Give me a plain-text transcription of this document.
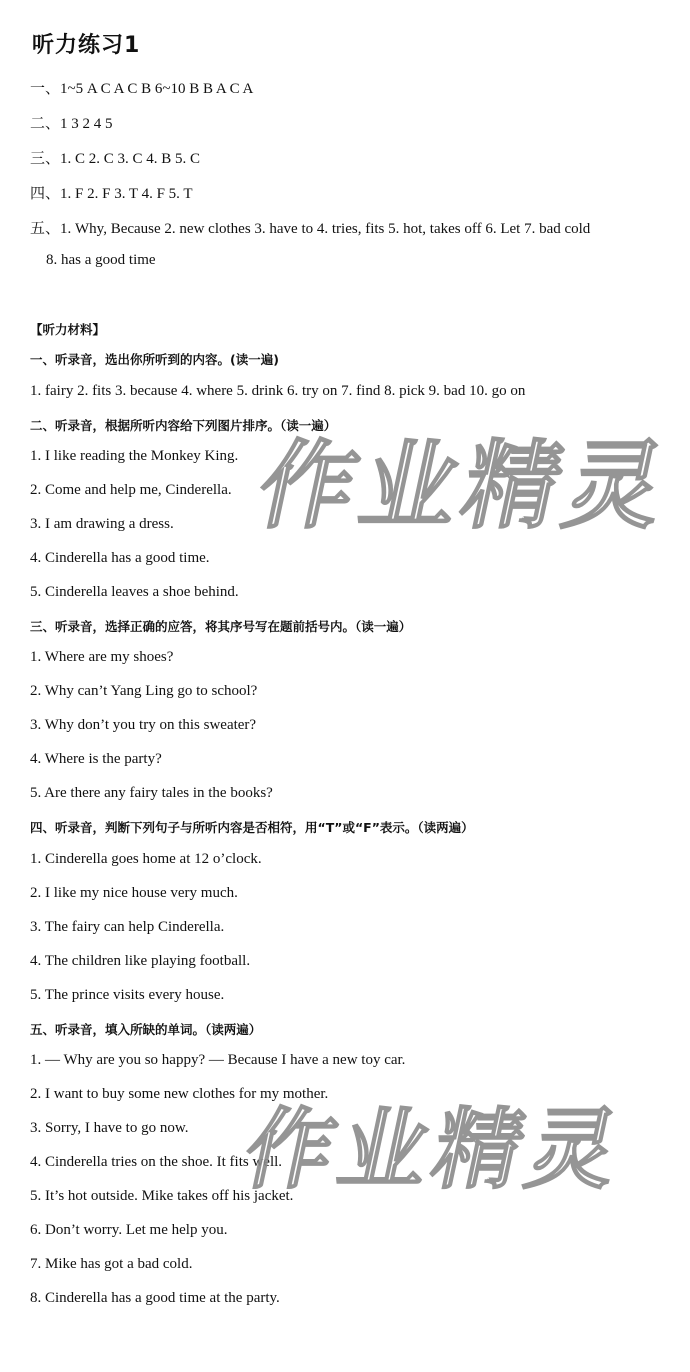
听力练习1
一、1~5 A C A C B 6~10 B B A C A
二、1 3 2 4 5
三、1. C 2. C 3. C 4. B 5. C
四、1. F 2. F 3. T 4. F 5. T
五、1. Why, Because 2. new clothes 3. have to 4. tries, fits 5. hot, takes off 6. Let 7. bad cold
8. has a good time
【听力材料】
一、听录音，选出你所听到的内容。(读一遍)
1. fairy 2. fits 3. because 4. where 5. drink 6. try on 7. find 8. pick 9. bad 10. go on
二、听录音，根据所听内容给下列图片排序。（读一遍）
1. I like reading the Monkey King.
2. Come and help me, Cinderella.
3. I am drawing a dress.
4. Cinderella has a good time.
5. Cinderella leaves a shoe behind.
三、听录音，选择正确的应答，将其序号写在题前括号内。（读一遍）
1. Where are my shoes?
2. Why can’t Yang Ling go to school?
3. Why don’t you try on this sweater?
4. Where is the party?
5. Are there any fairy tales in the books?
四、听录音，判断下列句子与所听内容是否相符，用“T”或“F”表示。（读两遍）
1. Cinderella goes home at 12 o’clock.
2. I like my nice house very much.
3. The fairy can help Cinderella.
4. The children like playing football.
5. The prince visits every house.
五、听录音，填入所缺的单词。（读两遍）
1. — Why are you so happy? — Because I have a new toy car.
2. I want to buy some new clothes for my mother.
3. Sorry, I have to go now.
4. Cinderella tries on the shoe. It fits well.
5. It’s hot outside. Mike takes off his jacket.
6. Don’t worry. Let me help you.
7. Mike has got a bad cold.
8. Cinderella has a good time at the party.
作业精灵
作业精灵
